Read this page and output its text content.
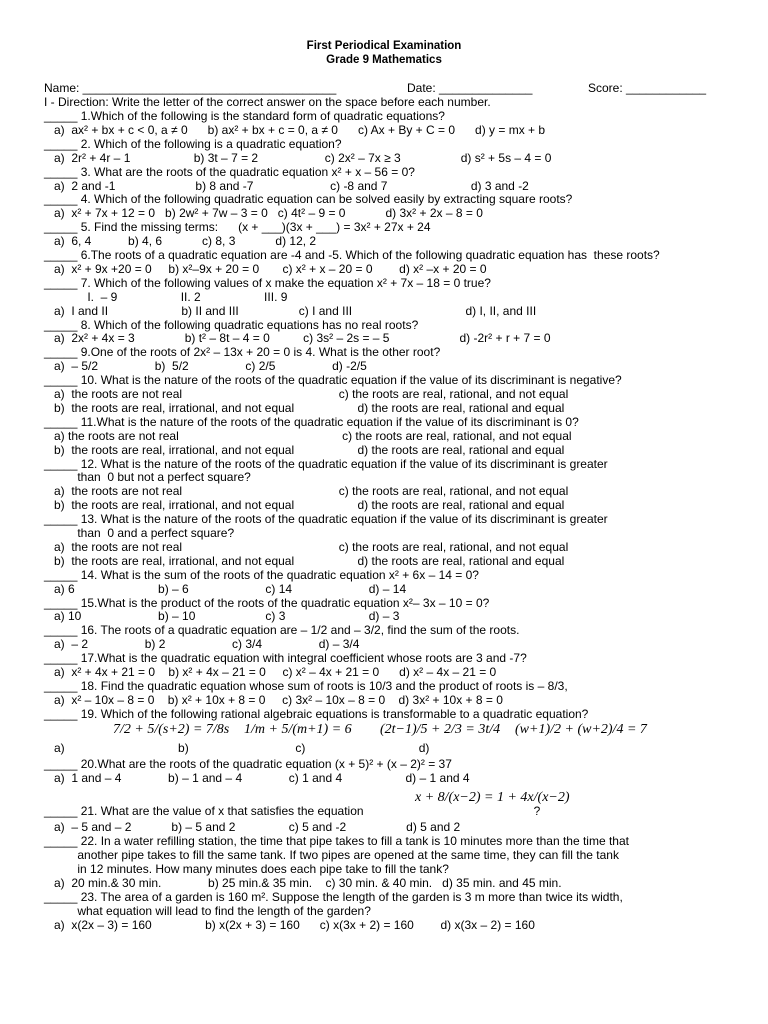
First Periodical Examination
Grade 9 Mathematics
Name: ______________________________________	Date: ______________	Score: ____________
I - Direction: Write the letter of the correct answer on the space before each number.
_____ 1.Which of the following is the standard form of quadratic equations?
a)  ax² + bx + c < 0, a ≠ 0      b) ax² + bx + c = 0, a ≠ 0      c) Ax + By + C = 0      d) y = mx + b
_____ 2. Which of the following is a quadratic equation?
a)  2r² + 4r – 1                   b) 3t – 7 = 2                    c) 2x² – 7x ≥ 3                  d) s² + 5s – 4 = 0
_____ 3. What are the roots of the quadratic equation x² + x – 56 = 0?
a)  2 and -1                        b) 8 and -7                       c) -8 and 7                         d) 3 and -2
_____ 4. Which of the following quadratic equation can be solved easily by extracting square roots?
a)  x² + 7x + 12 = 0   b) 2w² + 7w – 3 = 0   c) 4t² – 9 = 0            d) 3x² + 2x – 8 = 0
_____ 5. Find the missing terms:      (x + ___)(3x + ___) = 3x² + 27x + 24
a)  6, 4           b) 4, 6            c) 8, 3            d) 12, 2
_____ 6.The roots of a quadratic equation are -4 and -5. Which of the following quadratic equation has  these roots?
a)  x² + 9x +20 = 0     b) x²–9x + 20 = 0       c) x² + x – 20 = 0        d) x² –x + 20 = 0
_____ 7. Which of the following values of x make the equation x² + 7x – 18 = 0 true?
I.  – 9                   II. 2                   III. 9
a)  I and II                      b) II and III                  c) I and III                                  d) I, II, and III
_____ 8. Which of the following quadratic equations has no real roots?
a)  2x² + 4x = 3               b) t² – 8t – 4 = 0          c) 3s² – 2s = – 5                     d) -2r² + r + 7 = 0
_____ 9.One of the roots of 2x² – 13x + 20 = 0 is 4. What is the other root?
a)  – 5/2                 b)  5/2                 c) 2/5                 d) -2/5
_____ 10. What is the nature of the roots of the quadratic equation if the value of its discriminant is negative?
a)  the roots are not real                                               c) the roots are real, rational, and not equal
b)  the roots are real, irrational, and not equal                   d) the roots are real, rational and equal
_____ 11.What is the nature of the roots of the quadratic equation if the value of its discriminant is 0?
a) the roots are not real                                                 c) the roots are real, rational, and not equal
b)  the roots are real, irrational, and not equal                   d) the roots are real, rational and equal
_____ 12. What is the nature of the roots of the quadratic equation if the value of its discriminant is greater
than  0 but not a perfect square?
a)  the roots are not real                                               c) the roots are real, rational, and not equal
b)  the roots are real, irrational, and not equal                   d) the roots are real, rational and equal
_____ 13. What is the nature of the roots of the quadratic equation if the value of its discriminant is greater
than  0 and a perfect square?
a)  the roots are not real                                               c) the roots are real, rational, and not equal
b)  the roots are real, irrational, and not equal                   d) the roots are real, rational and equal
_____ 14. What is the sum of the roots of the quadratic equation x² + 6x – 14 = 0?
a) 6                         b) – 6                       c) 14                       d) – 14
_____ 15.What is the product of the roots of the quadratic equation x²– 3x – 10 = 0?
a) 10                       b) – 10                     c) 3                         d) – 3
_____ 16. The roots of a quadratic equation are – 1/2 and – 3/2, find the sum of the roots.
a)  – 2                 b) 2                    c) 3/4                 d) – 3/4
_____ 17.What is the quadratic equation with integral coefficient whose roots are 3 and -7?
a)  x² + 4x + 21 = 0    b) x² + 4x – 21 = 0     c) x² – 4x + 21 = 0      d) x² – 4x – 21 = 0
_____ 18. Find the quadratic equation whose sum of roots is 10/3 and the product of roots is – 8/3,
a)  x² – 10x – 8 = 0    b) x² + 10x + 8 = 0     c) 3x² – 10x – 8 = 0    d) 3x² + 10x + 8 = 0
_____ 19. Which of the following rational algebraic equations is transformable to a quadratic equation?
a)                                  b)                                c)                                  d)
_____ 20.What are the roots of the quadratic equation (x + 5)² + (x – 2)² = 37
a)  1 and – 4              b) – 1 and – 4              c) 1 and 4                   d) – 1 and 4
_____ 21. What are the value of x that satisfies the equation                                                   ?
a)  – 5 and – 2            b) – 5 and 2                c) 5 and -2                  d) 5 and 2
_____ 22. In a water refilling station, the time that pipe takes to fill a tank is 10 minutes more than the time that
another pipe takes to fill the same tank. If two pipes are opened at the same time, they can fill the tank
in 12 minutes. How many minutes does each pipe take to fill the tank?
a)  20 min.& 30 min.              b) 25 min.& 35 min.    c) 30 min. & 40 min.   d) 35 min. and 45 min.
_____ 23. The area of a garden is 160 m². Suppose the length of the garden is 3 m more than twice its width,
what equation will lead to find the length of the garden?
a)  x(2x – 3) = 160                b) x(2x + 3) = 160      c) x(3x + 2) = 160        d) x(3x – 2) = 160
7/2 + 5/(s+2) = 7/8s 1/m + 5/(m+1) = 6 (2t−1)/5 + 2/3 = 3t/4 (w+1)/2 + (w+2)/4 = 7
x + 8/(x−2) = 1 + 4x/(x−2)
